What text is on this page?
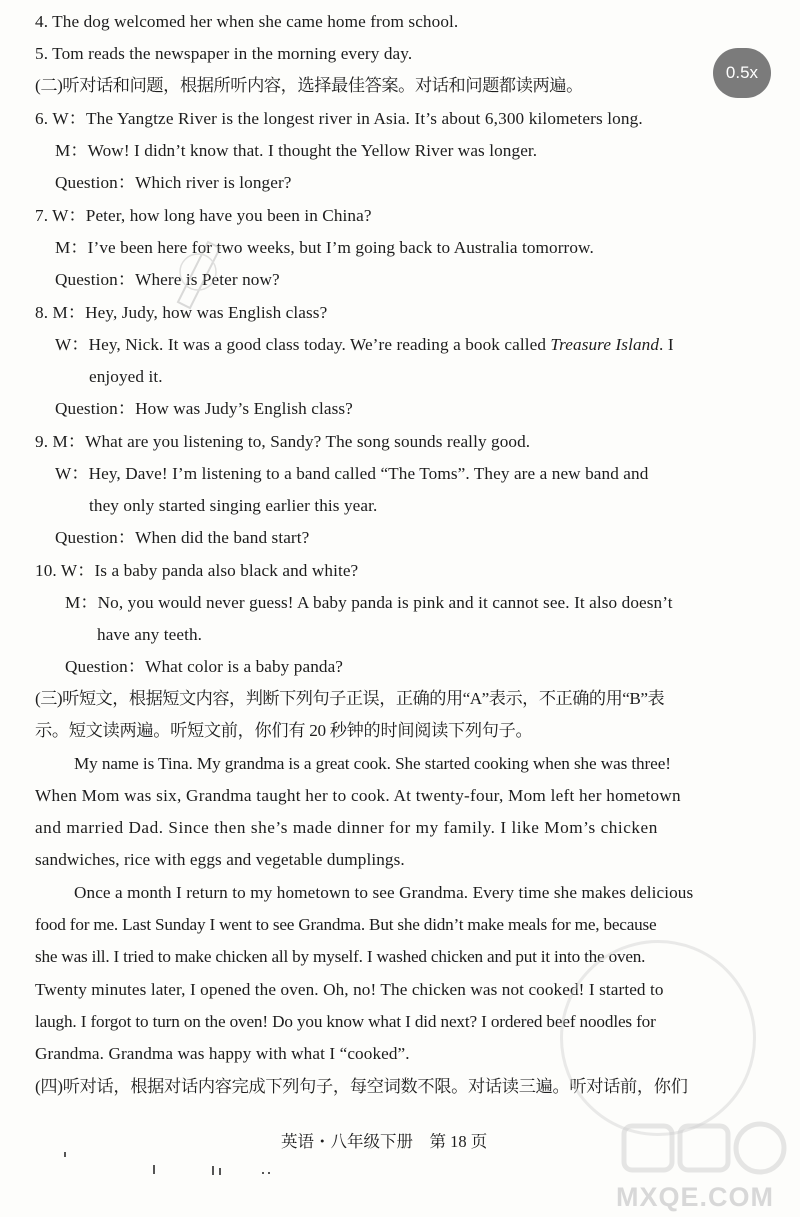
4. The dog welcomed her when she came home from school.
5. Tom reads the newspaper in the morning every day.
(二)听对话和问题，根据所听内容，选择最佳答案。对话和问题都读两遍。
6. W：The Yangtze River is the longest river in Asia. It’s about 6,300 kilometers long.
M：Wow! I didn’t know that. I thought the Yellow River was longer.
Question：Which river is longer?
7. W：Peter, how long have you been in China?
M：I’ve been here for two weeks, but I’m going back to Australia tomorrow.
Question：Where is Peter now?
8. M：Hey, Judy, how was English class?
W：Hey, Nick. It was a good class today. We’re reading a book called Treasure Island. I
enjoyed it.
Question：How was Judy’s English class?
9. M：What are you listening to, Sandy? The song sounds really good.
W：Hey, Dave! I’m listening to a band called “The Toms”. They are a new band and
they only started singing earlier this year.
Question：When did the band start?
10. W：Is a baby panda also black and white?
M：No, you would never guess! A baby panda is pink and it cannot see. It also doesn’t
have any teeth.
Question：What color is a baby panda?
(三)听短文，根据短文内容，判断下列句子正误，正确的用“A”表示，不正确的用“B”表
示。短文读两遍。听短文前，你们有 20 秒钟的时间阅读下列句子。
My name is Tina. My grandma is a great cook. She started cooking when she was three!
When Mom was six, Grandma taught her to cook. At twenty-four, Mom left her hometown
and married Dad. Since then she’s made dinner for my family. I like Mom’s chicken
sandwiches, rice with eggs and vegetable dumplings.
Once a month I return to my hometown to see Grandma. Every time she makes delicious
food for me. Last Sunday I went to see Grandma. But she didn’t make meals for me, because
she was ill. I tried to make chicken all by myself. I washed chicken and put it into the oven.
Twenty minutes later, I opened the oven. Oh, no! The chicken was not cooked! I started to
laugh. I forgot to turn on the oven! Do you know what I did next? I ordered beef noodles for
Grandma. Grandma was happy with what I “cooked”.
(四)听对话，根据对话内容完成下列句子，每空词数不限。对话读三遍。听对话前，你们
英语・八年级下册　第 18 页
MXQE.COM
0.5x
